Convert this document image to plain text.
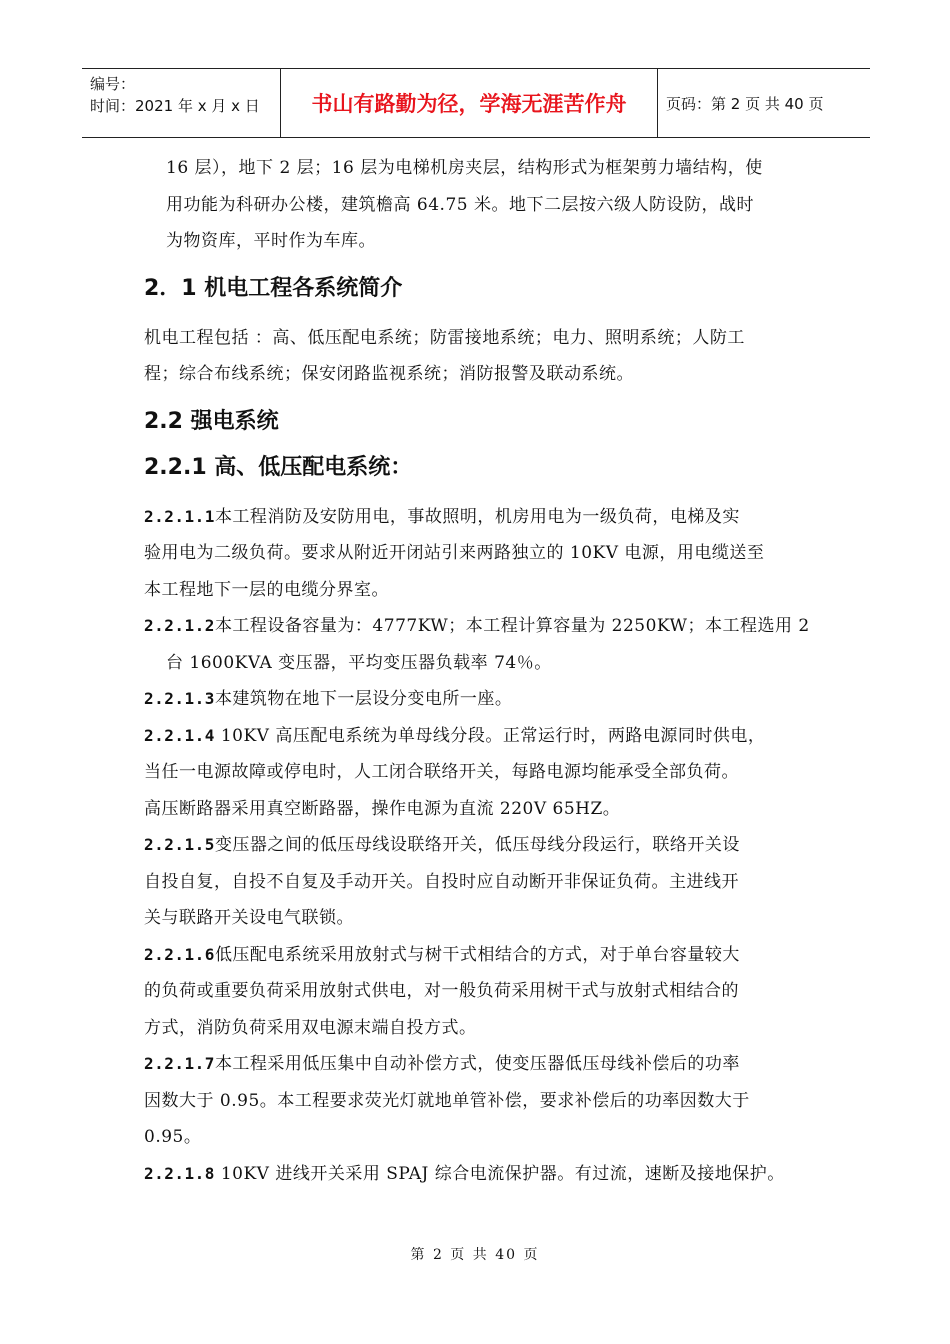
编号：
时间：2021 年 x 月 x 日	书山有路勤为径，学海无涯苦作舟	页码：第 2 页 共 40 页
16 层），地下 2 层；16 层为电梯机房夹层，结构形式为框架剪力墙结构，使
用功能为科研办公楼，建筑檐高 64.75 米。地下二层按六级人防设防，战时
为物资库，平时作为车库。
2．1 机电工程各系统简介
机电工程包括 ：高、低压配电系统；防雷接地系统；电力、照明系统；人防工
程；综合布线系统；保安闭路监视系统；消防报警及联动系统。
2.2 强电系统
2.2.1 高、低压配电系统：
2.2.1.1本工程消防及安防用电，事故照明，机房用电为一级负荷，电梯及实
验用电为二级负荷。要求从附近开闭站引来两路独立的 10KV 电源，用电缆送至
本工程地下一层的电缆分界室。
2.2.1.2本工程设备容量为：4777KW；本工程计算容量为 2250KW；本工程选用 2
台 1600KVA 变压器，平均变压器负载率 74％。
2.2.1.3本建筑物在地下一层设分变电所一座。
2.2.1.4 10KV 高压配电系统为单母线分段。正常运行时，两路电源同时供电，
当任一电源故障或停电时，人工闭合联络开关，每路电源均能承受全部负荷。
高压断路器采用真空断路器，操作电源为直流 220V 65HZ。
2.2.1.5变压器之间的低压母线设联络开关，低压母线分段运行，联络开关设
自投自复，自投不自复及手动开关。自投时应自动断开非保证负荷。主进线开
关与联路开关设电气联锁。
2.2.1.6低压配电系统采用放射式与树干式相结合的方式，对于单台容量较大
的负荷或重要负荷采用放射式供电，对一般负荷采用树干式与放射式相结合的
方式，消防负荷采用双电源末端自投方式。
2.2.1.7本工程采用低压集中自动补偿方式，使变压器低压母线补偿后的功率
因数大于 0.95。本工程要求荧光灯就地单管补偿，要求补偿后的功率因数大于
0.95。
2.2.1.8 10KV 进线开关采用 SPAJ 综合电流保护器。有过流，速断及接地保护。
第 2 页 共 40 页
